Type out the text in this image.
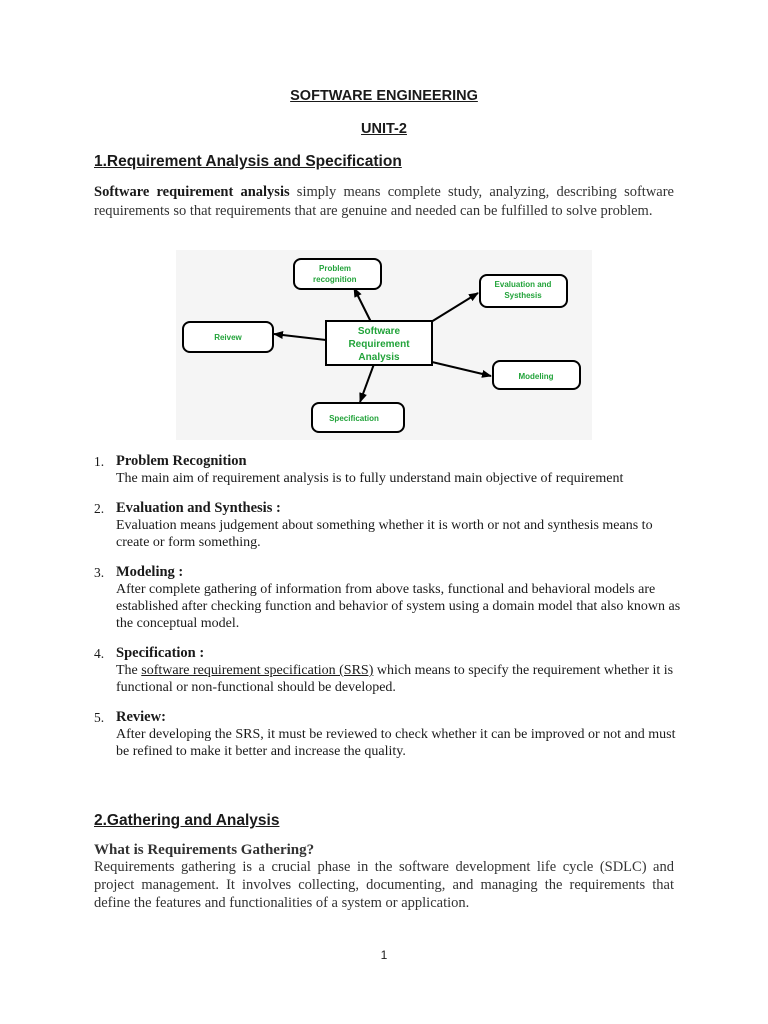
SOFTWARE ENGINEERING
UNIT-2
1.Requirement Analysis and Specification
Software requirement analysis simply means complete study, analyzing, describing software requirements so that requirements that are genuine and needed can be fulfilled to solve problem.
Software
Requirement
Analysis
Problem
recognition
Evaluation and
Systhesis
Reivew
Modeling
Specification
1. Problem Recognition
The main aim of requirement analysis is to fully understand main objective of requirement
2. Evaluation and Synthesis :
Evaluation means judgement about something whether it is worth or not and synthesis means to create or form something.
3. Modeling :
After complete gathering of information from above tasks, functional and behavioral models are established after checking function and behavior of system using a domain model that also known as the conceptual model.
4. Specification :
The software requirement specification (SRS) which means to specify the requirement whether it is functional or non-functional should be developed.
5. Review:
After developing the SRS, it must be reviewed to check whether it can be improved or not and must be refined to make it better and increase the quality.
2.Gathering and Analysis
What is Requirements Gathering?
Requirements gathering is a crucial phase in the software development life cycle (SDLC) and project management. It involves collecting, documenting, and managing the requirements that define the features and functionalities of a system or application.
1
